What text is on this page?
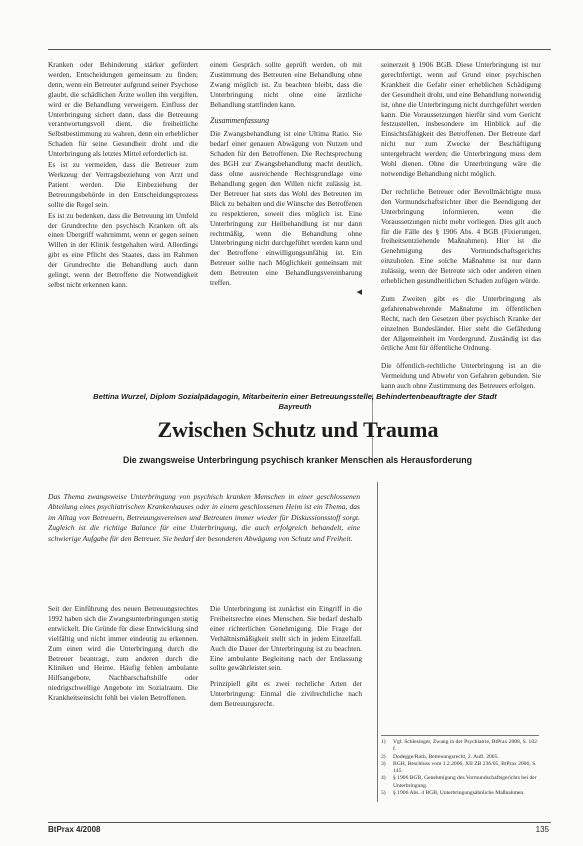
Kranken oder Behinderung stärker gefördert werden, Entscheidungen gemeinsam zu finden; denn, wenn ein Betreuter aufgrund seiner Psychose glaubt, die schädlichen Ärzte wollen ihn vergiften, wird er die Behandlung verweigern. Einfluss der Unterbringung sichert dann, dass die Betreuung verantwortungsvoll dient, die freiheitliche Selbstbestimmung zu wahren, denn ein erheblicher Schaden für seine Gesundheit droht und die Unterbringung als letztes Mittel erforderlich ist.

Es ist zu vermeiden, dass die Betreuer zum Werkzeug der Vertragsbeziehung von Arzt und Patient werden. Die Einbeziehung der Betreuungsbehörde in den Entscheidungsprozess sollte die Regel sein.

Es ist zu bedenken, dass die Betreuung im Umfeld der Grundrechte den psychisch Kranken oft als einen Übergriff wahrnimmt, wenn er gegen seinen Willen in der Klinik festgehalten wird. Allerdings gibt es eine Pflicht des Staates, dass im Rahmen der Grundrechte die Behandlung auch dann gelingt, wenn der Betroffene die Notwendigkeit selbst nicht erkennen kann.

einem Gespräch sollte geprüft werden, ob mit Zustimmung des Betreuten eine Behandlung ohne Zwang möglich ist. Zu beachten bleibt, dass die Unterbringung nicht ohne eine ärztliche Behandlung stattfinden kann.

Zusammenfassung

Die Zwangsbehandlung ist eine Ultima Ratio. Sie bedarf einer genauen Abwägung von Nutzen und Schaden für den Betroffenen. Die Rechtsprechung des BGH zur Zwangsbehandlung macht deutlich, dass ohne ausreichende Rechtsgrundlage eine Behandlung gegen den Willen nicht zulässig ist. Der Betreuer hat stets das Wohl des Betreuten im Blick zu behalten und die Wünsche des Betroffenen zu respektieren, soweit dies möglich ist. Eine Unterbringung zur Heilbehandlung ist nur dann rechtmäßig, wenn die Behandlung ohne Unterbringung nicht durchgeführt werden kann und der Betroffene einwilligungsunfähig ist. Ein Betreuer sollte nach Möglichkeit gemeinsam mit dem Betreuten eine Behandlungsvereinbarung treffen.

◀

seinerzeit § 1906 BGB. Diese Unterbringung ist nur gerechtfertigt, wenn auf Grund einer psychischen Krankheit die Gefahr einer erheblichen Schädigung der Gesundheit droht, und eine Behandlung notwendig ist, ohne die Unterbringung nicht durchgeführt werden kann. Die Voraussetzungen hierfür sind vom Gericht festzustellen, insbesondere im Hinblick auf die Einsichtsfähigkeit des Betroffenen. Der Betreute darf nicht nur zum Zwecke der Beschäftigung untergebracht werden; die Unterbringung muss dem Wohl dienen. Ohne die Unterbringung wäre die notwendige Behandlung nicht möglich.

Der rechtliche Betreuer oder Bevollmächtigte muss den Vormundschaftsrichter über die Beendigung der Unterbringung informieren, wenn die Voraussetzungen nicht mehr vorliegen. Dies gilt auch für die Fälle des § 1906 Abs. 4 BGB (Fixierungen, freiheitsentziehende Maßnahmen). Hier ist die Genehmigung des Vormundschaftsgerichts einzuholen. Eine solche Maßnahme ist nur dann zulässig, wenn der Betreute sich oder anderen einen erheblichen gesundheitlichen Schaden zufügen würde.

Zum Zweiten gibt es die Unterbringung als gefahrenabwehrende Maßnahme im öffentlichen Recht, nach den Gesetzen über psychisch Kranke der einzelnen Bundesländer. Hier steht die Gefährdung der Allgemeinheit im Vordergrund. Zuständig ist das örtliche Amt für öffentliche Ordnung.

Die öffentlich-rechtliche Unterbringung ist an die Vermeidung und Abwehr von Gefahren gebunden. Sie kann auch ohne Zustimmung des Betreuers erfolgen.

Bettina Wurzel, Diplom Sozialpädagogin, Mitarbeiterin einer Betreuungsstelle, Behindertenbeauftragte der Stadt Bayreuth
Zwischen Schutz und Trauma
Die zwangsweise Unterbringung psychisch kranker Menschen als Herausforderung
Das Thema zwangsweise Unterbringung von psychisch kranken Menschen in einer geschlossenen Abteilung eines psychiatrischen Krankenhauses oder in einem geschlossenen Heim ist ein Thema, das im Alltag von Betreuern, Betreuungsvereinen und Betreuten immer wieder für Diskussionsstoff sorgt. Zugleich ist die richtige Balance für eine Unterbringung, die auch erfolgreich behandelt, eine schwierige Aufgabe für den Betreuer. Sie bedarf der besonderen Abwägung von Schutz und Freiheit.

Seit der Einführung des neuen Betreuungsrechtes 1992 haben sich die Zwangsunterbringungen stetig entwickelt. Die Gründe für diese Entwicklung sind vielfältig und nicht immer eindeutig zu erkennen. Zum einen wird die Unterbringung durch die Betreuer beantragt, zum anderen durch die Kliniken und Heime. Häufig fehlen ambulante Hilfsangebote, Nachbarschaftshilfe oder niedrigschwellige Angebote im Sozialraum. Die Krankheitseinsicht fehlt bei vielen Betroffenen.

Die Unterbringung ist zunächst ein Eingriff in die Freiheitsrechte eines Menschen. Sie bedarf deshalb einer richterlichen Genehmigung. Die Frage der Verhältnismäßigkeit stellt sich in jedem Einzelfall. Auch die Dauer der Unterbringung ist zu beachten. Eine ambulante Begleitung nach der Entlassung sollte gewährleistet sein.

Prinzipiell gibt es zwei rechtliche Arten der Unterbringung: Einmal die zivilrechtliche nach dem Betreuungsrecht.

1)	Vgl. Schlesinger, Zwang in der Psychiatrie, BtPrax 2008, S. 102 f.
2)	Dodegge/Roth, Betreuungsrecht, 2. Aufl. 2005.
3)	BGH, Beschluss vom 1.2.2006, XII ZB 236/05, BtPrax 2006, S. 145.
4)	§ 1906 BGB, Genehmigung des Vormundschaftsgerichts bei der Unterbringung.
5)	§ 1906 Abs. 4 BGB, Unterbringungsähnliche Maßnahmen.
BtPrax 4/2008	135
